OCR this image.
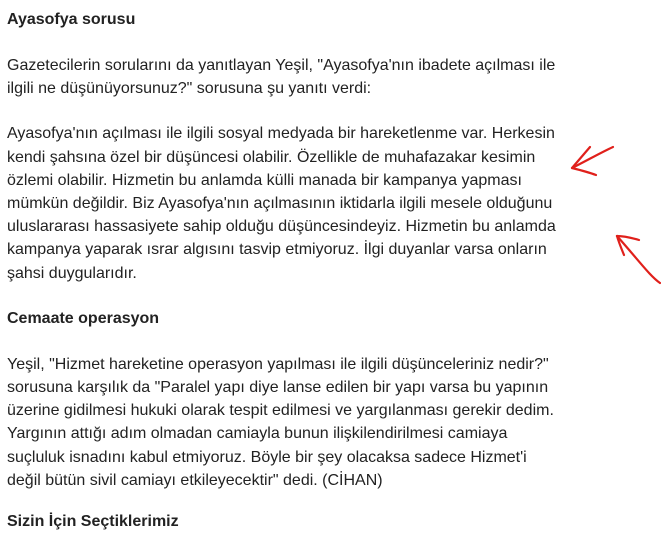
Ayasofya sorusu

Gazetecilerin sorularını da yanıtlayan Yeşil, "Ayasofya'nın ibadete açılması ile
ilgili ne düşünüyorsunuz?" sorusuna şu yanıtı verdi:

Ayasofya'nın açılması ile ilgili sosyal medyada bir hareketlenme var. Herkesin
kendi şahsına özel bir düşüncesi olabilir. Özellikle de muhafazakar kesimin
özlemi olabilir. Hizmetin bu anlamda külli manada bir kampanya yapması
mümkün değildir. Biz Ayasofya'nın açılmasının iktidarla ilgili mesele olduğunu
uluslararası hassasiyete sahip olduğu düşüncesindeyiz. Hizmetin bu anlamda
kampanya yaparak ısrar algısını tasvip etmiyoruz. İlgi duyanlar varsa onların
şahsi duygularıdır.

Cemaate operasyon

Yeşil, "Hizmet hareketine operasyon yapılması ile ilgili düşünceleriniz nedir?"
sorusuna karşılık da "Paralel yapı diye lanse edilen bir yapı varsa bu yapının
üzerine gidilmesi hukuki olarak tespit edilmesi ve yargılanması gerekir dedim.
Yargının attığı adım olmadan camiayla bunun ilişkilendirilmesi camiaya
suçluluk isnadını kabul etmiyoruz. Böyle bir şey olacaksa sadece Hizmet'i
değil bütün sivil camiayı etkileyecektir" dedi. (CİHAN)

Sizin İçin Seçtiklerimiz
